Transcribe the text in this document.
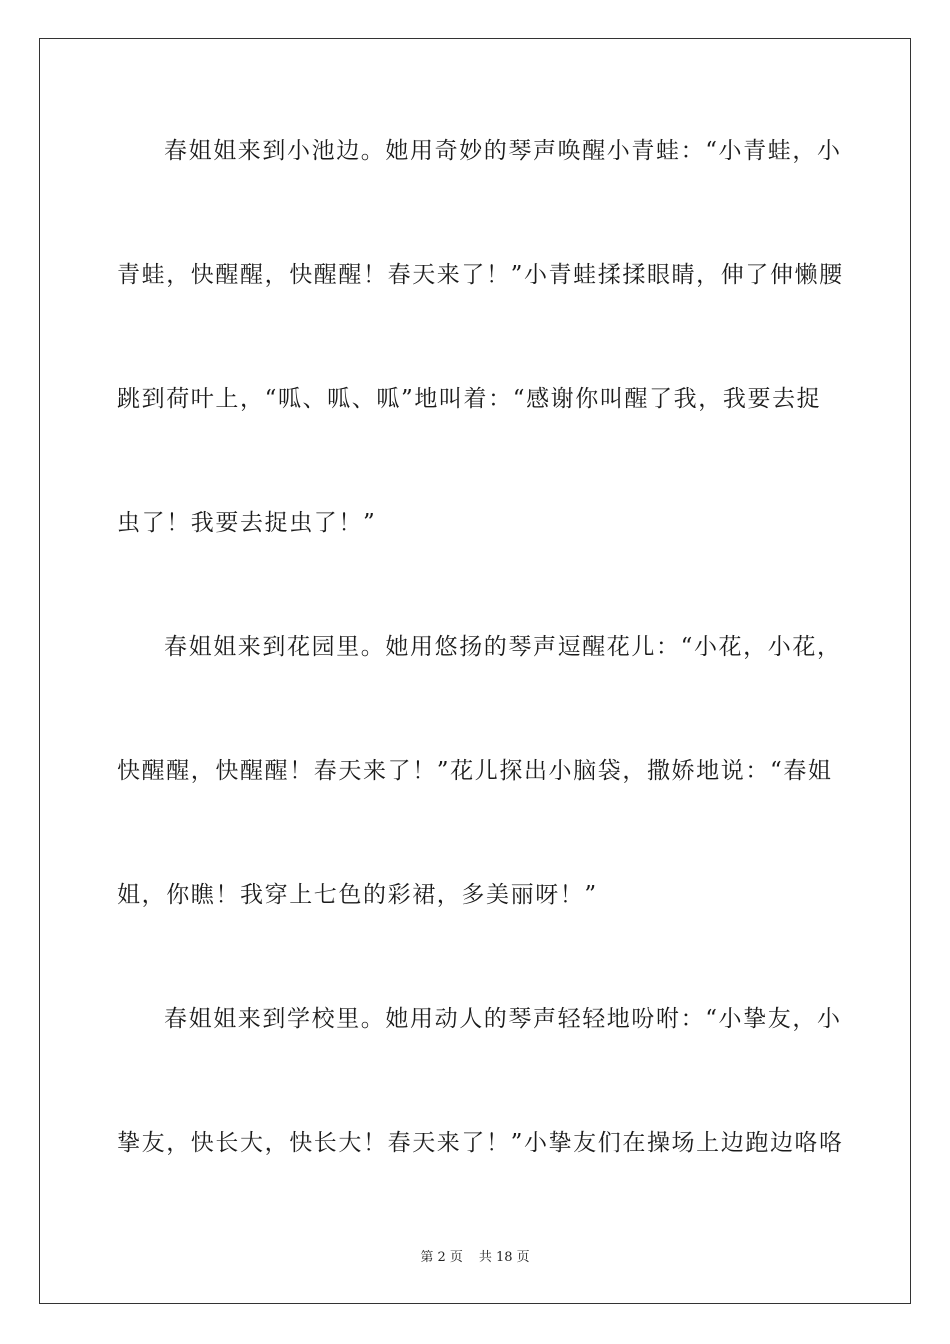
春姐姐来到小池边。她用奇妙的琴声唤醒小青蛙：“小青蛙，小
青蛙，快醒醒，快醒醒！春天来了！”小青蛙揉揉眼睛，伸了伸懒腰
跳到荷叶上，“呱、呱、呱”地叫着：“感谢你叫醒了我，我要去捉
虫了！我要去捉虫了！”
春姐姐来到花园里。她用悠扬的琴声逗醒花儿：“小花，小花，
快醒醒，快醒醒！春天来了！”花儿探出小脑袋，撒娇地说：“春姐
姐，你瞧！我穿上七色的彩裙，多美丽呀！”
春姐姐来到学校里。她用动人的琴声轻轻地吩咐：“小挚友，小
挚友，快长大，快长大！春天来了！”小挚友们在操场上边跑边咯咯
第 2 页 共 18 页
